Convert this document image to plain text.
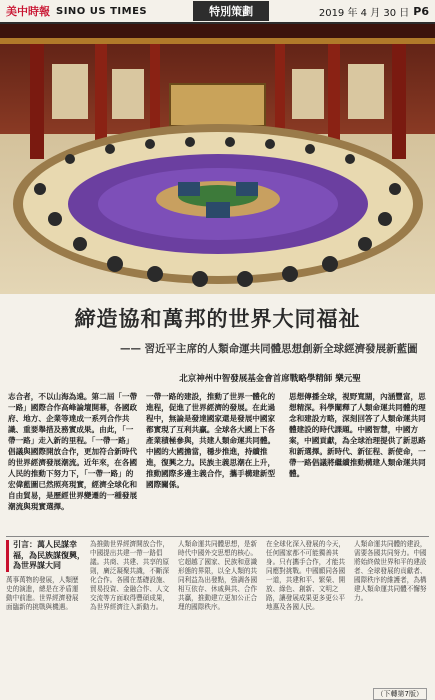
美中時報 SINO US TIMES	特別策劃	2019 年 4 月 30 日 P6
締造協和萬邦的世界大同福祉
—— 習近平主席的人類命運共同體思想創新全球經濟發展新藍圖
北京神州中智發展基金會首席戰略學精師 樂元聖
志合者，不以山海為遠。第二屆「一帶一路」國際合作高峰論壇開幕，各國政府、地方、企業等達成一系列合作共識、重要舉措及務實成果。由此，「一帶一路」走入新的里程。「一帶一路」倡議與國際開放合作，更加符合新時代的世界經濟發展潮流。近年來，在各國人民的推動下努力下，「一帶一路」的宏偉藍圖已然照亮現實，經濟全球化和自由貿易，是歷經世界變遷的一種發展潮流與現實選擇。
一帶一路的建設，推動了世界一體化的進程，促進了世界經濟的發展。在此過程中，無論是發達國家還是發展中國家都實現了互利共贏。全球各大國上下各產業積極參與，共建人類命運共同體。中國的大國擔當，穩步推進，持續推進，復興之力。民族主義思潮在上升，推動國際多邊主義合作，攜手構建新型國際關係。
思想傳播全球，視野寬闊，內涵豐富，思想精深。科學闡釋了人類命運共同體的理念和建設方略，深刻回答了人類命運共同體建設的時代課題。中國智慧，中國方案，中國貢獻，為全球治理提供了新思路和新選擇。新時代、新征程、新使命，一帶一路倡議將繼續推動構建人類命運共同體。
引言：萬人民謀幸福，為民族謀復興，為世界謀大同
萬事萬物的發展，人類歷史的演進，總是在矛盾運動中前進。世界經濟發展面臨新的挑戰與機遇。
為推動世界經濟開放合作，中國提出共建一帶一路倡議。共商、共建、共享的原則，廣泛凝聚共識，不斷深化合作。各國在基礎設施、貿易投資、金融合作、人文交流等方面取得豐碩成果，為世界經濟注入新動力。
人類命運共同體思想，是新時代中國外交思想的核心。它超越了國家、民族和意識形態的界限，以全人類的共同利益為出發點，強調各國相互依存、休戚與共、合作共贏，推動建立更加公正合理的國際秩序。
在全球化深入發展的今天，任何國家都不可能獨善其身。只有攜手合作，才能共同應對挑戰。中國願同各國一道，共建和平、繁榮、開放、綠色、創新、文明之路，讓發展成果更多更公平地惠及各國人民。
人類命運共同體的建設，需要各國共同努力。中國將始終做世界和平的建設者、全球發展的貢獻者、國際秩序的維護者，為構建人類命運共同體不懈努力。
（下轉第7版）
